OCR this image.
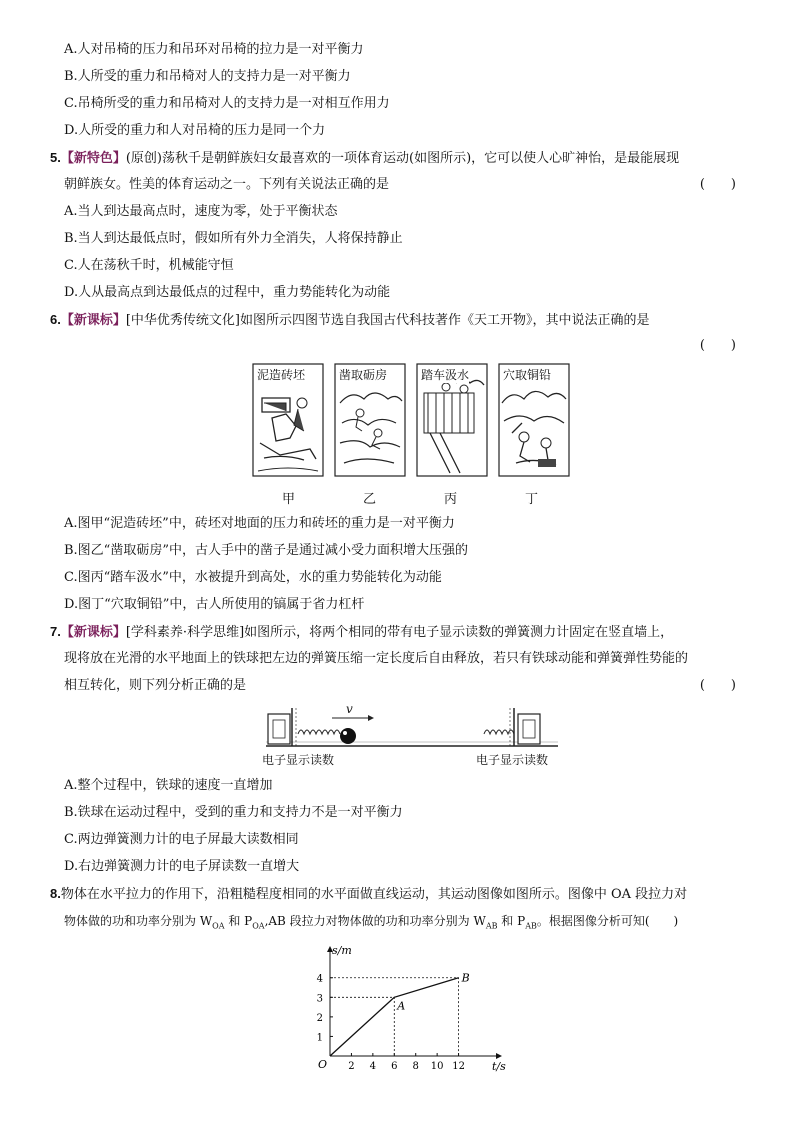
A.人对吊椅的压力和吊环对吊椅的拉力是一对平衡力
B.人所受的重力和吊椅对人的支持力是一对平衡力
C.吊椅所受的重力和吊椅对人的支持力是一对相互作用力
D.人所受的重力和人对吊椅的压力是同一个力
5.【新特色】(原创)荡秋千是朝鲜族妇女最喜欢的一项体育运动(如图所示)，它可以使人心旷神怡，是最能展现
朝鲜族女。性美的体育运动之一。下列有关说法正确的是	(　　)
A.当人到达最高点时，速度为零，处于平衡状态
B.当人到达最低点时，假如所有外力全消失，人将保持静止
C.人在荡秋千时，机械能守恒
D.人从最高点到达最低点的过程中，重力势能转化为动能
6.【新课标】[中华优秀传统文化]如图所示四图节选自我国古代科技著作《天工开物》，其中说法正确的是
(　　)
泥造砖坯	凿取砺房	踏车汲水	穴取铜铅
甲	乙	丙	丁
A.图甲“泥造砖坯”中，砖坯对地面的压力和砖坯的重力是一对平衡力
B.图乙“凿取砺房”中，古人手中的凿子是通过减小受力面积增大压强的
C.图丙“踏车汲水”中，水被提升到高处，水的重力势能转化为动能
D.图丁“穴取铜铅”中，古人所使用的镐属于省力杠杆
7.【新课标】[学科素养·科学思维]如图所示，将两个相同的带有电子显示读数的弹簧测力计固定在竖直墙上，
现将放在光滑的水平地面上的铁球把左边的弹簧压缩一定长度后自由释放，若只有铁球动能和弹簧弹性势能的
相互转化，则下列分析正确的是	(　　)
v
电子显示读数	电子显示读数
A.整个过程中，铁球的速度一直增加
B.铁球在运动过程中，受到的重力和支持力不是一对平衡力
C.两边弹簧测力计的电子屏最大读数相同
D.右边弹簧测力计的电子屏读数一直增大
8.物体在水平拉力的作用下，沿粗糙程度相同的水平面做直线运动，其运动图像如图所示。图像中 OA 段拉力对
物体做的功和功率分别为 $W_{OA}$ 和 $P_{OA},AB$ 段拉力对物体做的功和功率分别为 $W_{AB}$ 和 $P_{AB}$。根据图像分析可知(　　)
s/m
t/s
O 2 4 6 8 10 12
1
2
3
4
A
B
